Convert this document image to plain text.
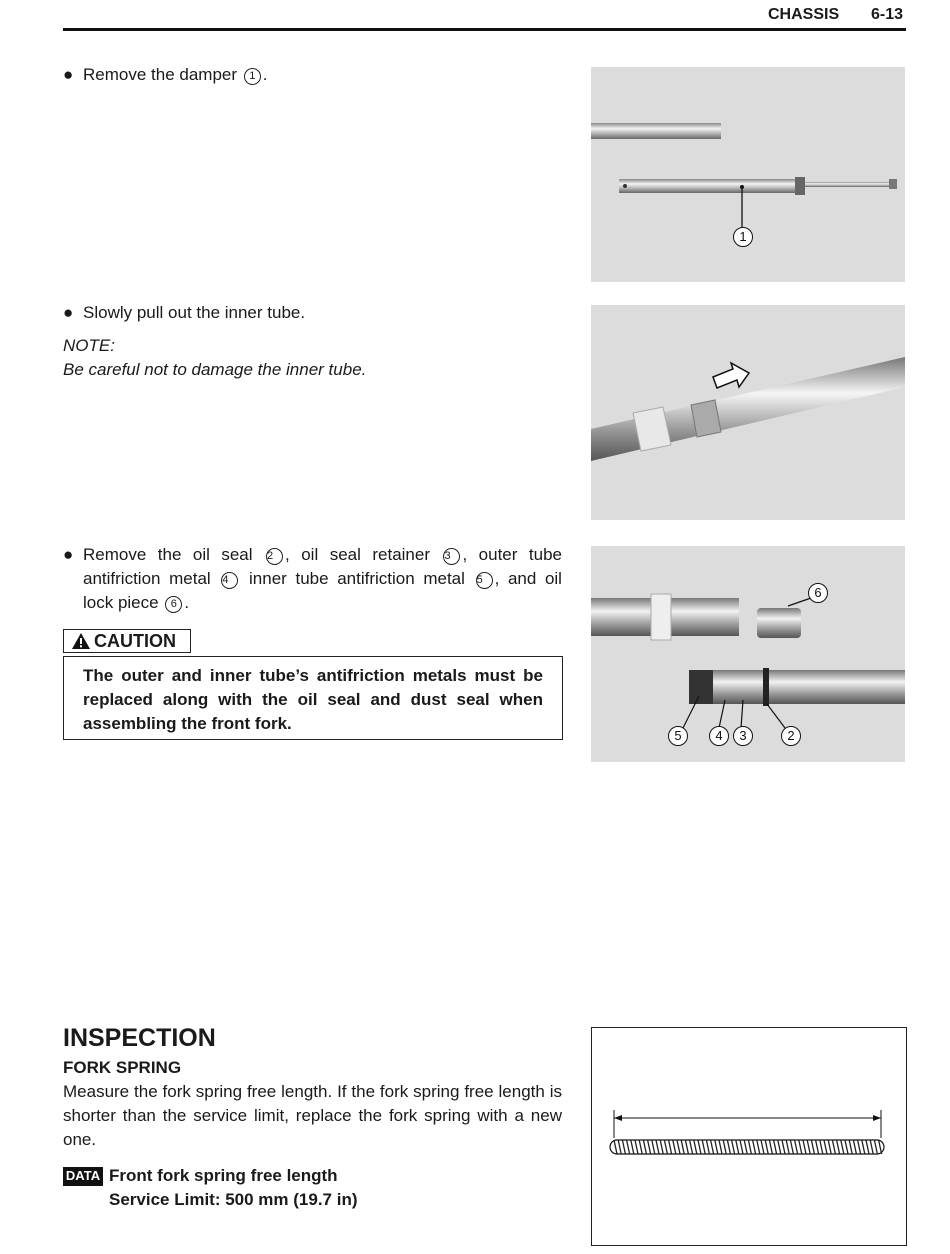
CHASSIS 6-13
● Remove the damper 1 .
1
● Slowly pull out the inner tube.
NOTE:
Be careful not to damage the inner tube.
● Remove the oil seal 2 , oil seal retainer 3 , outer tube
antifriction metal 4 inner tube antifriction metal 5 , and oil
lock piece 6 .
CAUTION
The outer and inner tube’s antifriction metals must be replaced along with the oil seal and dust seal when assembling the front fork.
6
5	4	3	2
INSPECTION
FORK SPRING
Measure the fork spring free length. If the fork spring free length is shorter than the service limit, replace the fork spring with a new one.
DATA Front fork spring free length
Service Limit: 500 mm (19.7 in)
